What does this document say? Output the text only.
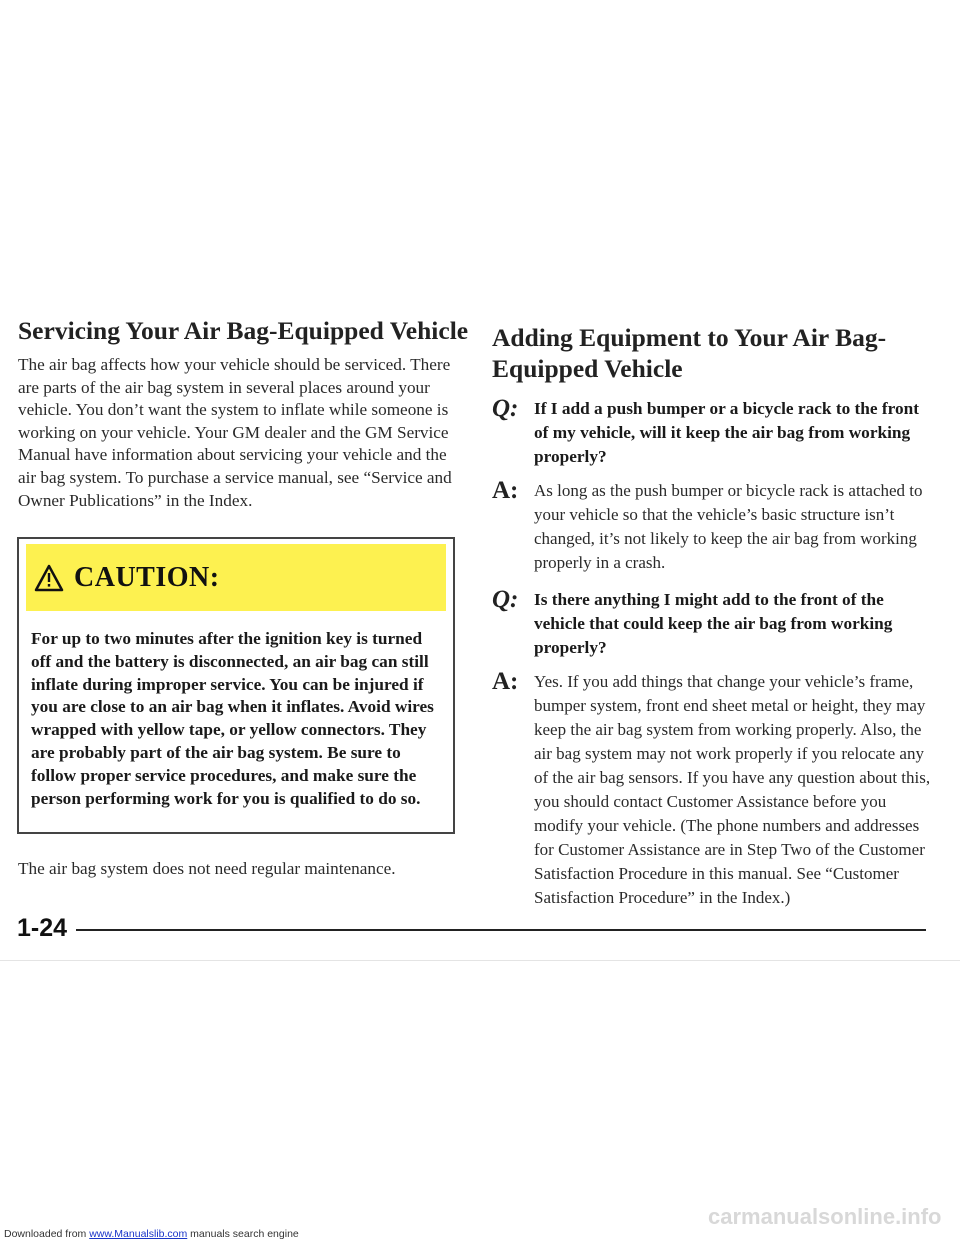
Servicing Your Air Bag-Equipped Vehicle

The air bag affects how your vehicle should be serviced. There are parts of the air bag system in several places around your vehicle. You don’t want the system to inflate while someone is working on your vehicle. Your GM dealer and the GM Service Manual have information about servicing your vehicle and the air bag system. To purchase a service manual, see “Service and Owner Publications” in the Index.

CAUTION:

For up to two minutes after the ignition key is turned off and the battery is disconnected, an air bag can still inflate during improper service. You can be injured if you are close to an air bag when it inflates. Avoid wires wrapped with yellow tape, or yellow connectors. They are probably part of the air bag system. Be sure to follow proper service procedures, and make sure the person performing work for you is qualified to do so.

The air bag system does not need regular maintenance.

Adding Equipment to Your Air Bag-Equipped Vehicle
Q: If I add a push bumper or a bicycle rack to the front of my vehicle, will it keep the air bag from working properly?

A: As long as the push bumper or bicycle rack is attached to your vehicle so that the vehicle’s basic structure isn’t changed, it’s not likely to keep the air bag from working properly in a crash.

Q: Is there anything I might add to the front of the vehicle that could keep the air bag from working properly?

A: Yes. If you add things that change your vehicle’s frame, bumper system, front end sheet metal or height, they may keep the air bag system from working properly. Also, the air bag system may not work properly if you relocate any of the air bag sensors. If you have any question about this, you should contact Customer Assistance before you modify your vehicle. (The phone numbers and addresses for Customer Assistance are in Step Two of the Customer Satisfaction Procedure in this manual. See “Customer Satisfaction Procedure” in the Index.)

1-24

carmanualsonline.info

Downloaded from www.Manualslib.com manuals search engine
